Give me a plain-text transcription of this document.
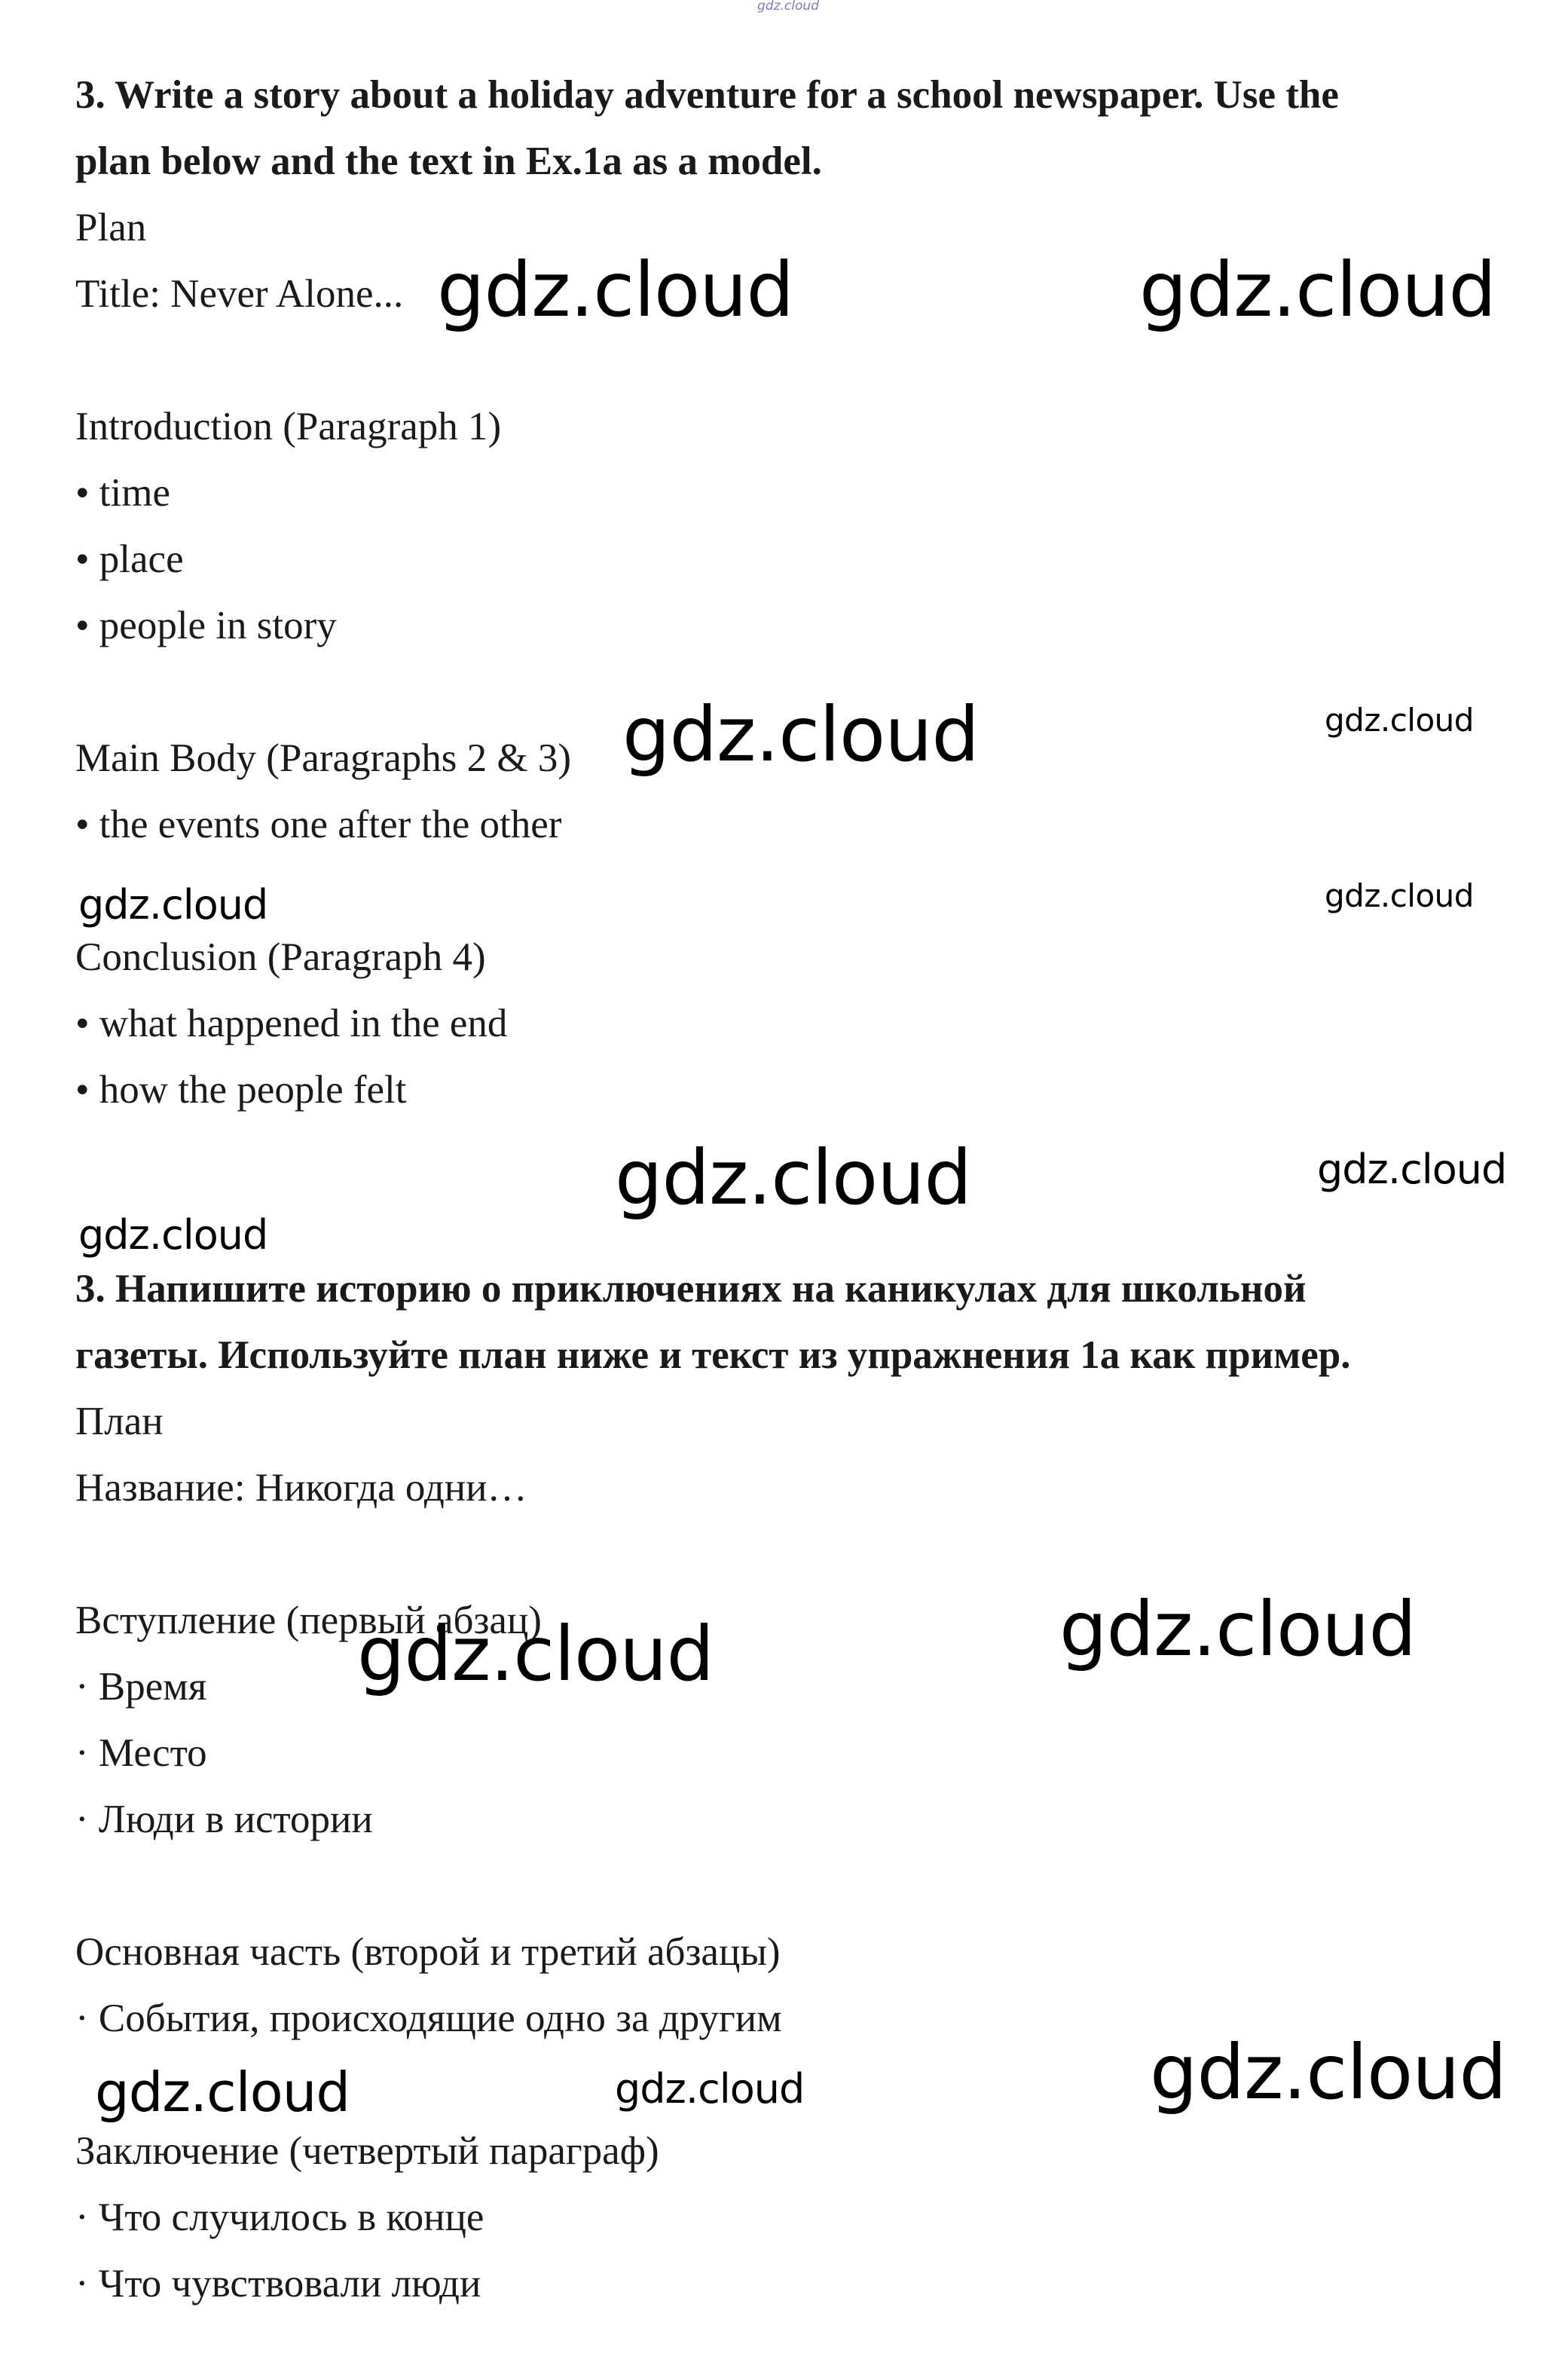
gdz.cloud
3. Write a story about a holiday adventure for a school newspaper. Use the
plan below and the text in Ex.1a as a model.
Plan
Title: Never Alone...
Introduction (Paragraph 1)
• time
• place
• people in story
Main Body (Paragraphs 2 & 3)
• the events one after the other
Conclusion (Paragraph 4)
• what happened in the end
• how the people felt
3. Напишите историю о приключениях на каникулах для школьной
газеты. Используйте план ниже и текст из упражнения 1а как пример.
План
Название: Никогда одни…
Вступление (первый абзац)
· Время
· Место
· Люди в истории
Основная часть (второй и третий абзацы)
· События, происходящие одно за другим
Заключение (четвертый параграф)
· Что случилось в конце
· Что чувствовали люди
gdz.cloud	gdz.cloud
gdz.cloud	gdz.cloud
gdz.cloud	gdz.cloud
gdz.cloud	gdz.cloud
gdz.cloud
gdz.cloud
gdz.cloud
gdz.cloud
gdz.cloud	gdz.cloud
